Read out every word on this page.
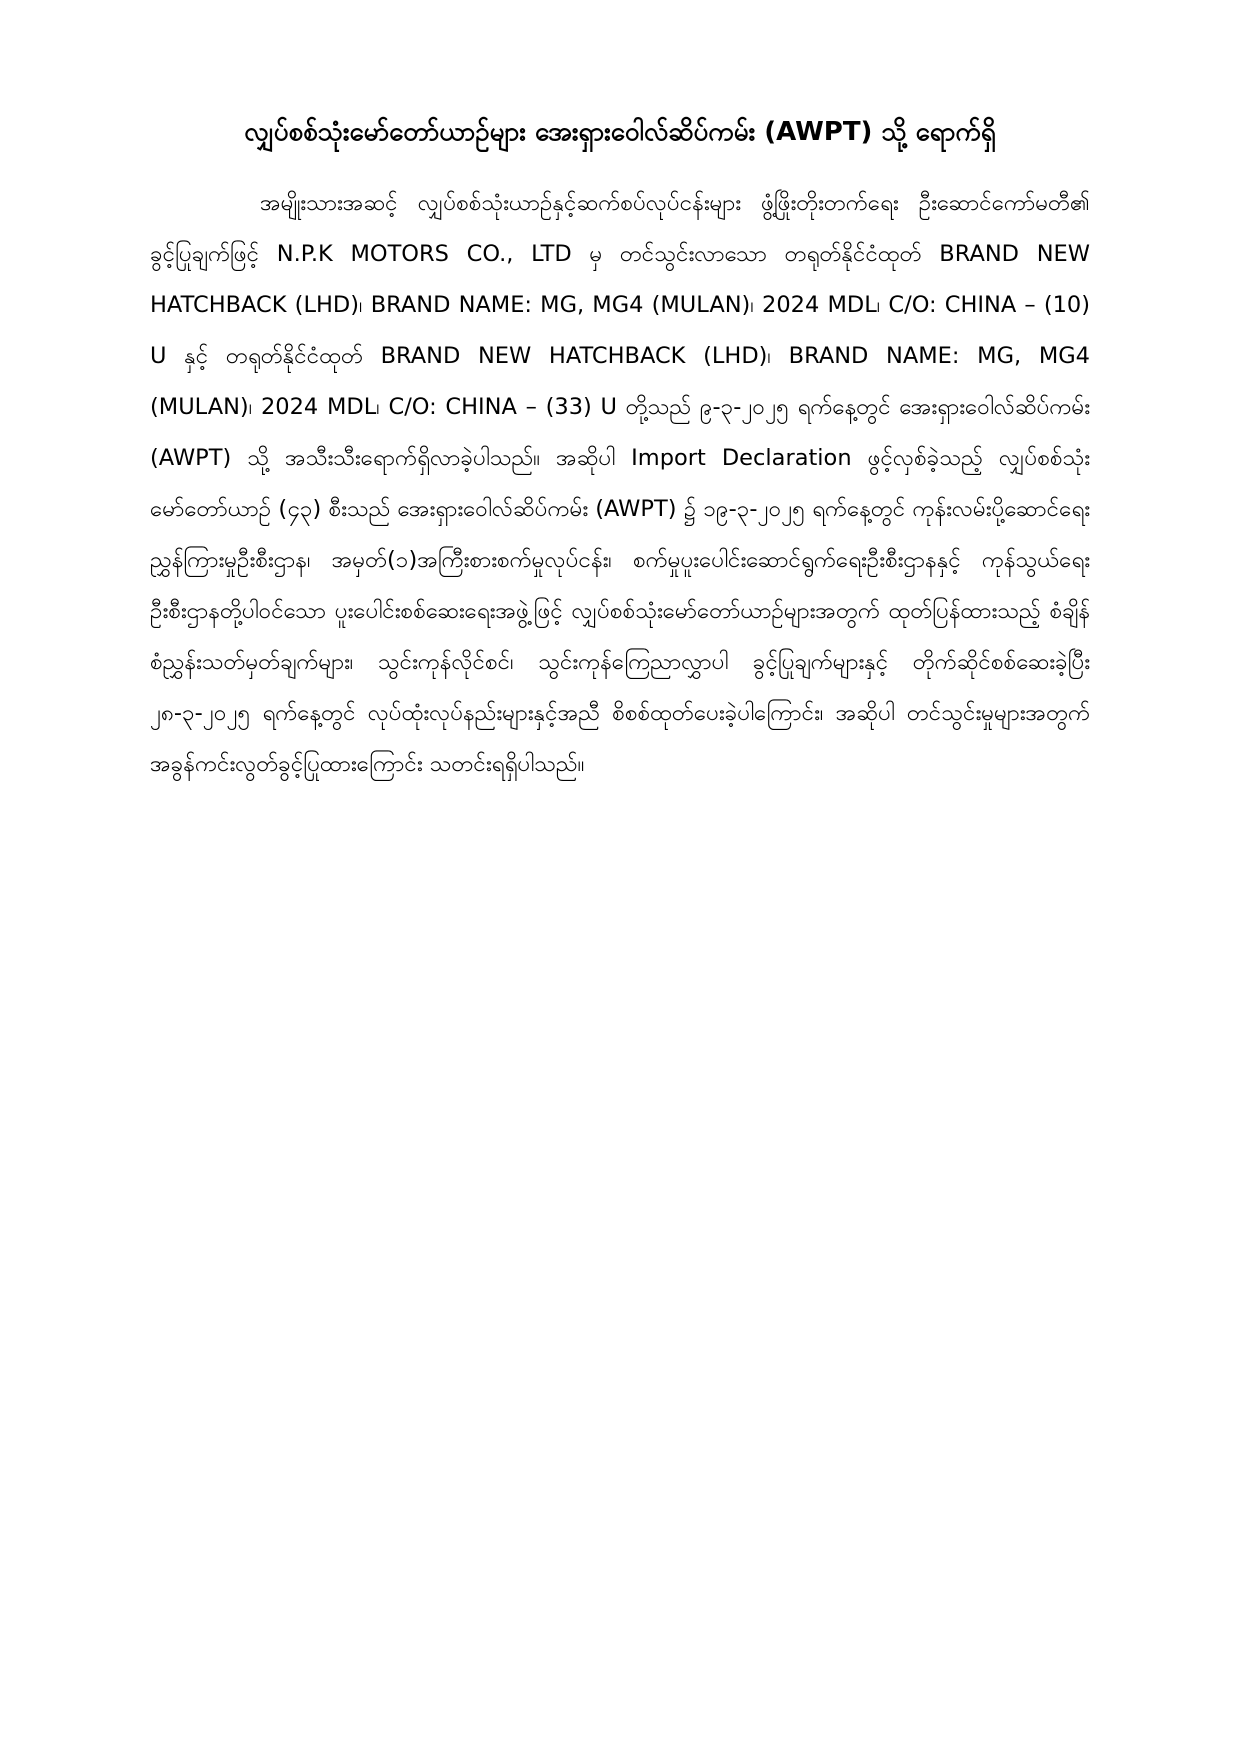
လျှပ်စစ်သုံးမော်တော်ယာဉ်များ အေးရှားဝေါလ်ဆိပ်ကမ်း (AWPT) သို့ ရောက်ရှိ

အမျိုးသားအဆင့် လျှပ်စစ်သုံးယာဉ်နှင့်ဆက်စပ်လုပ်ငန်းများ ဖွံ့ဖြိုးတိုးတက်ရေး ဦးဆောင်ကော်မတီ၏ ခွင့်ပြုချက်ဖြင့် N.P.K MOTORS CO., LTD မှ တင်သွင်းလာသော တရုတ်နိုင်ငံထုတ် BRAND NEW HATCHBACK (LHD)၊ BRAND NAME: MG, MG4 (MULAN)၊ 2024 MDL၊ C/O: CHINA – (10) U နှင့် တရုတ်နိုင်ငံထုတ် BRAND NEW HATCHBACK (LHD)၊ BRAND NAME: MG, MG4 (MULAN)၊ 2024 MDL၊ C/O: CHINA – (33) U တို့သည် ၉-၃-၂၀၂၅ ရက်နေ့တွင် အေးရှားဝေါလ်ဆိပ်ကမ်း (AWPT) သို့ အသီးသီးရောက်ရှိလာခဲ့ပါသည်။ အဆိုပါ Import Declaration ဖွင့်လှစ်ခဲ့သည့် လျှပ်စစ်သုံးမော်တော်ယာဉ် (၄၃) စီးသည် အေးရှားဝေါလ်ဆိပ်ကမ်း (AWPT) ၌ ၁၉-၃-၂၀၂၅ ရက်နေ့တွင် ကုန်းလမ်းပို့ဆောင်ရေးညွှန်ကြားမှုဦးစီးဌာန၊ အမှတ်(၁)အကြီးစားစက်မှုလုပ်ငန်း၊ စက်မှုပူးပေါင်းဆောင်ရွက်ရေးဦးစီးဌာနနှင့် ကုန်သွယ်ရေးဦးစီးဌာနတို့ပါဝင်သော ပူးပေါင်းစစ်ဆေးရေးအဖွဲ့ဖြင့် လျှပ်စစ်သုံးမော်တော်ယာဉ်များအတွက် ထုတ်ပြန်ထားသည့် စံချိန်စံညွှန်းသတ်မှတ်ချက်များ၊ သွင်းကုန်လိုင်စင်၊ သွင်းကုန်ကြေညာလွှာပါ ခွင့်ပြုချက်များနှင့် တိုက်ဆိုင်စစ်ဆေးခဲ့ပြီး ၂၈-၃-၂၀၂၅ ရက်နေ့တွင် လုပ်ထုံးလုပ်နည်းများနှင့်အညီ စိစစ်ထုတ်ပေးခဲ့ပါကြောင်း၊ အဆိုပါ တင်သွင်းမှုများအတွက် အခွန်ကင်းလွတ်ခွင့်ပြုထားကြောင်း သတင်းရရှိပါသည်။
